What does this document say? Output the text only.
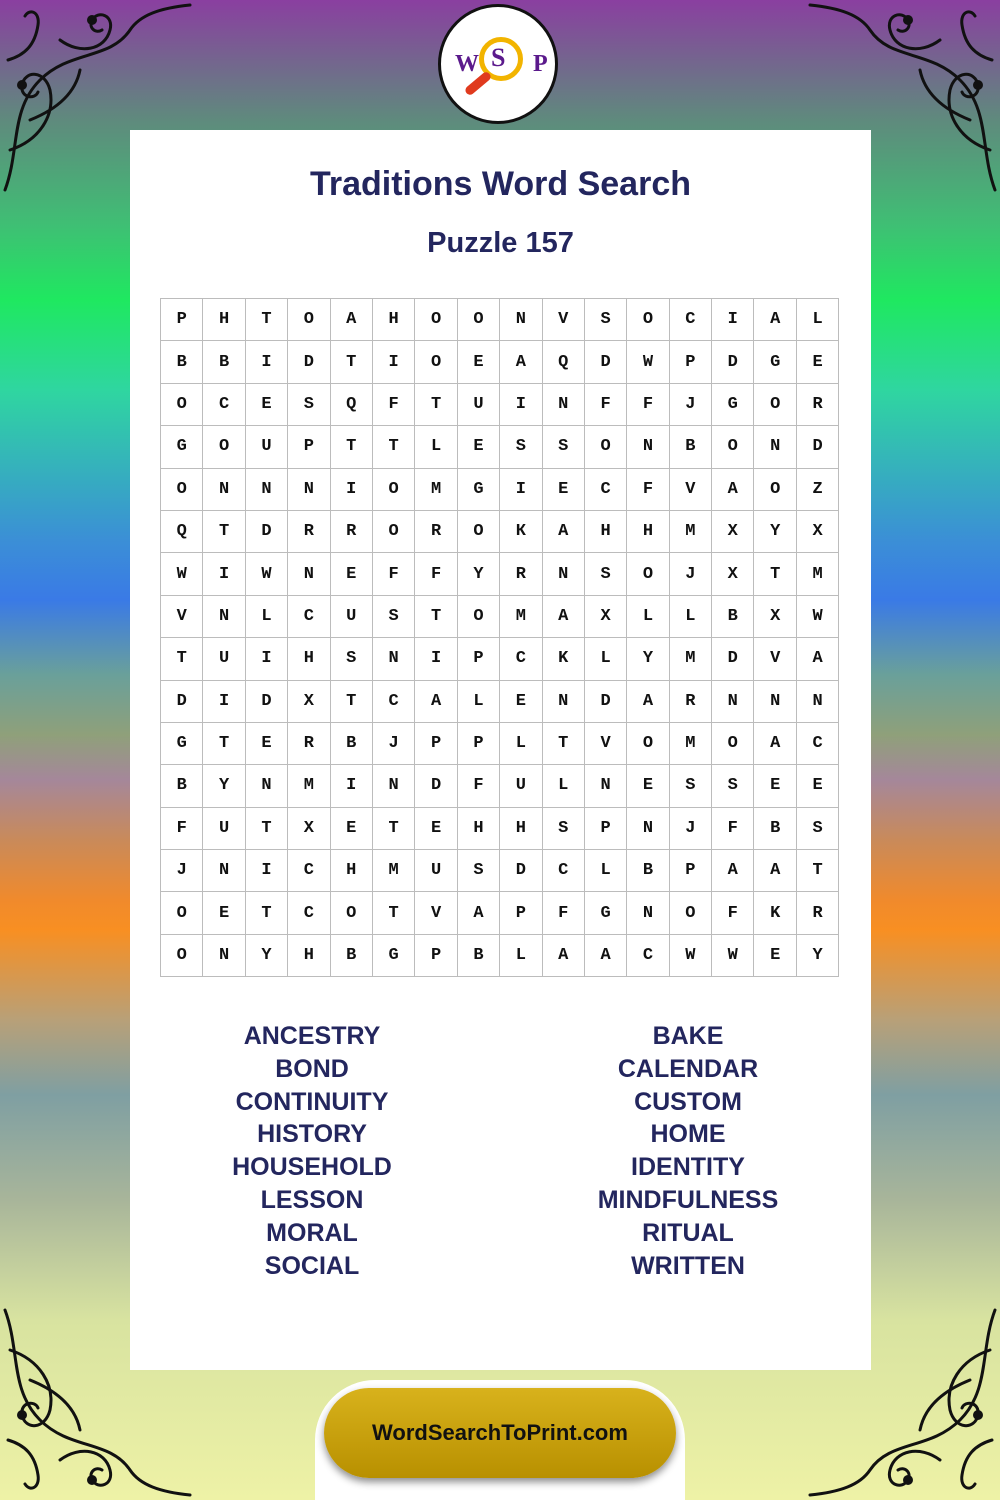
Traditions Word Search
Puzzle 157
P	H	T	O	A	H	O	O	N	V	S	O	C	I	A	L
B	B	I	D	T	I	O	E	A	Q	D	W	P	D	G	E
O	C	E	S	Q	F	T	U	I	N	F	F	J	G	O	R
G	O	U	P	T	T	L	E	S	S	O	N	B	O	N	D
O	N	N	N	I	O	M	G	I	E	C	F	V	A	O	Z
Q	T	D	R	R	O	R	О	К	A	H	H	M	X	Y	X
W	I	W	N	E	F	F	Y	R	N	S	O	J	X	T	M
V	N	L	C	U	S	T	O	M	A	X	L	L	B	X	W
T	U	I	H	S	N	I	P	C	K	L	Y	M	D	V	A
D	I	D	X	T	C	A	L	E	N	D	A	R	N	N	N
G	T	E	R	B	J	P	P	L	T	V	O	M	O	A	C
B	Y	N	M	I	N	D	F	U	L	N	E	S	S	E	E
F	U	T	X	E	T	E	H	H	S	P	N	J	F	B	S
J	N	I	C	H	M	U	S	D	C	L	B	P	A	A	T
O	E	T	C	O	T	V	A	P	F	G	N	O	F	K	R
O	N	Y	H	B	G	P	B	L	A	A	C	W	W	E	Y
ANCESTRY
BOND
CONTINUITY
HISTORY
HOUSEHOLD
LESSON
MORAL
SOCIAL
BAKE
CALENDAR
CUSTOM
HOME
IDENTITY
MINDFULNESS
RITUAL
WRITTEN
W S P
WordSearchToPrint.com
